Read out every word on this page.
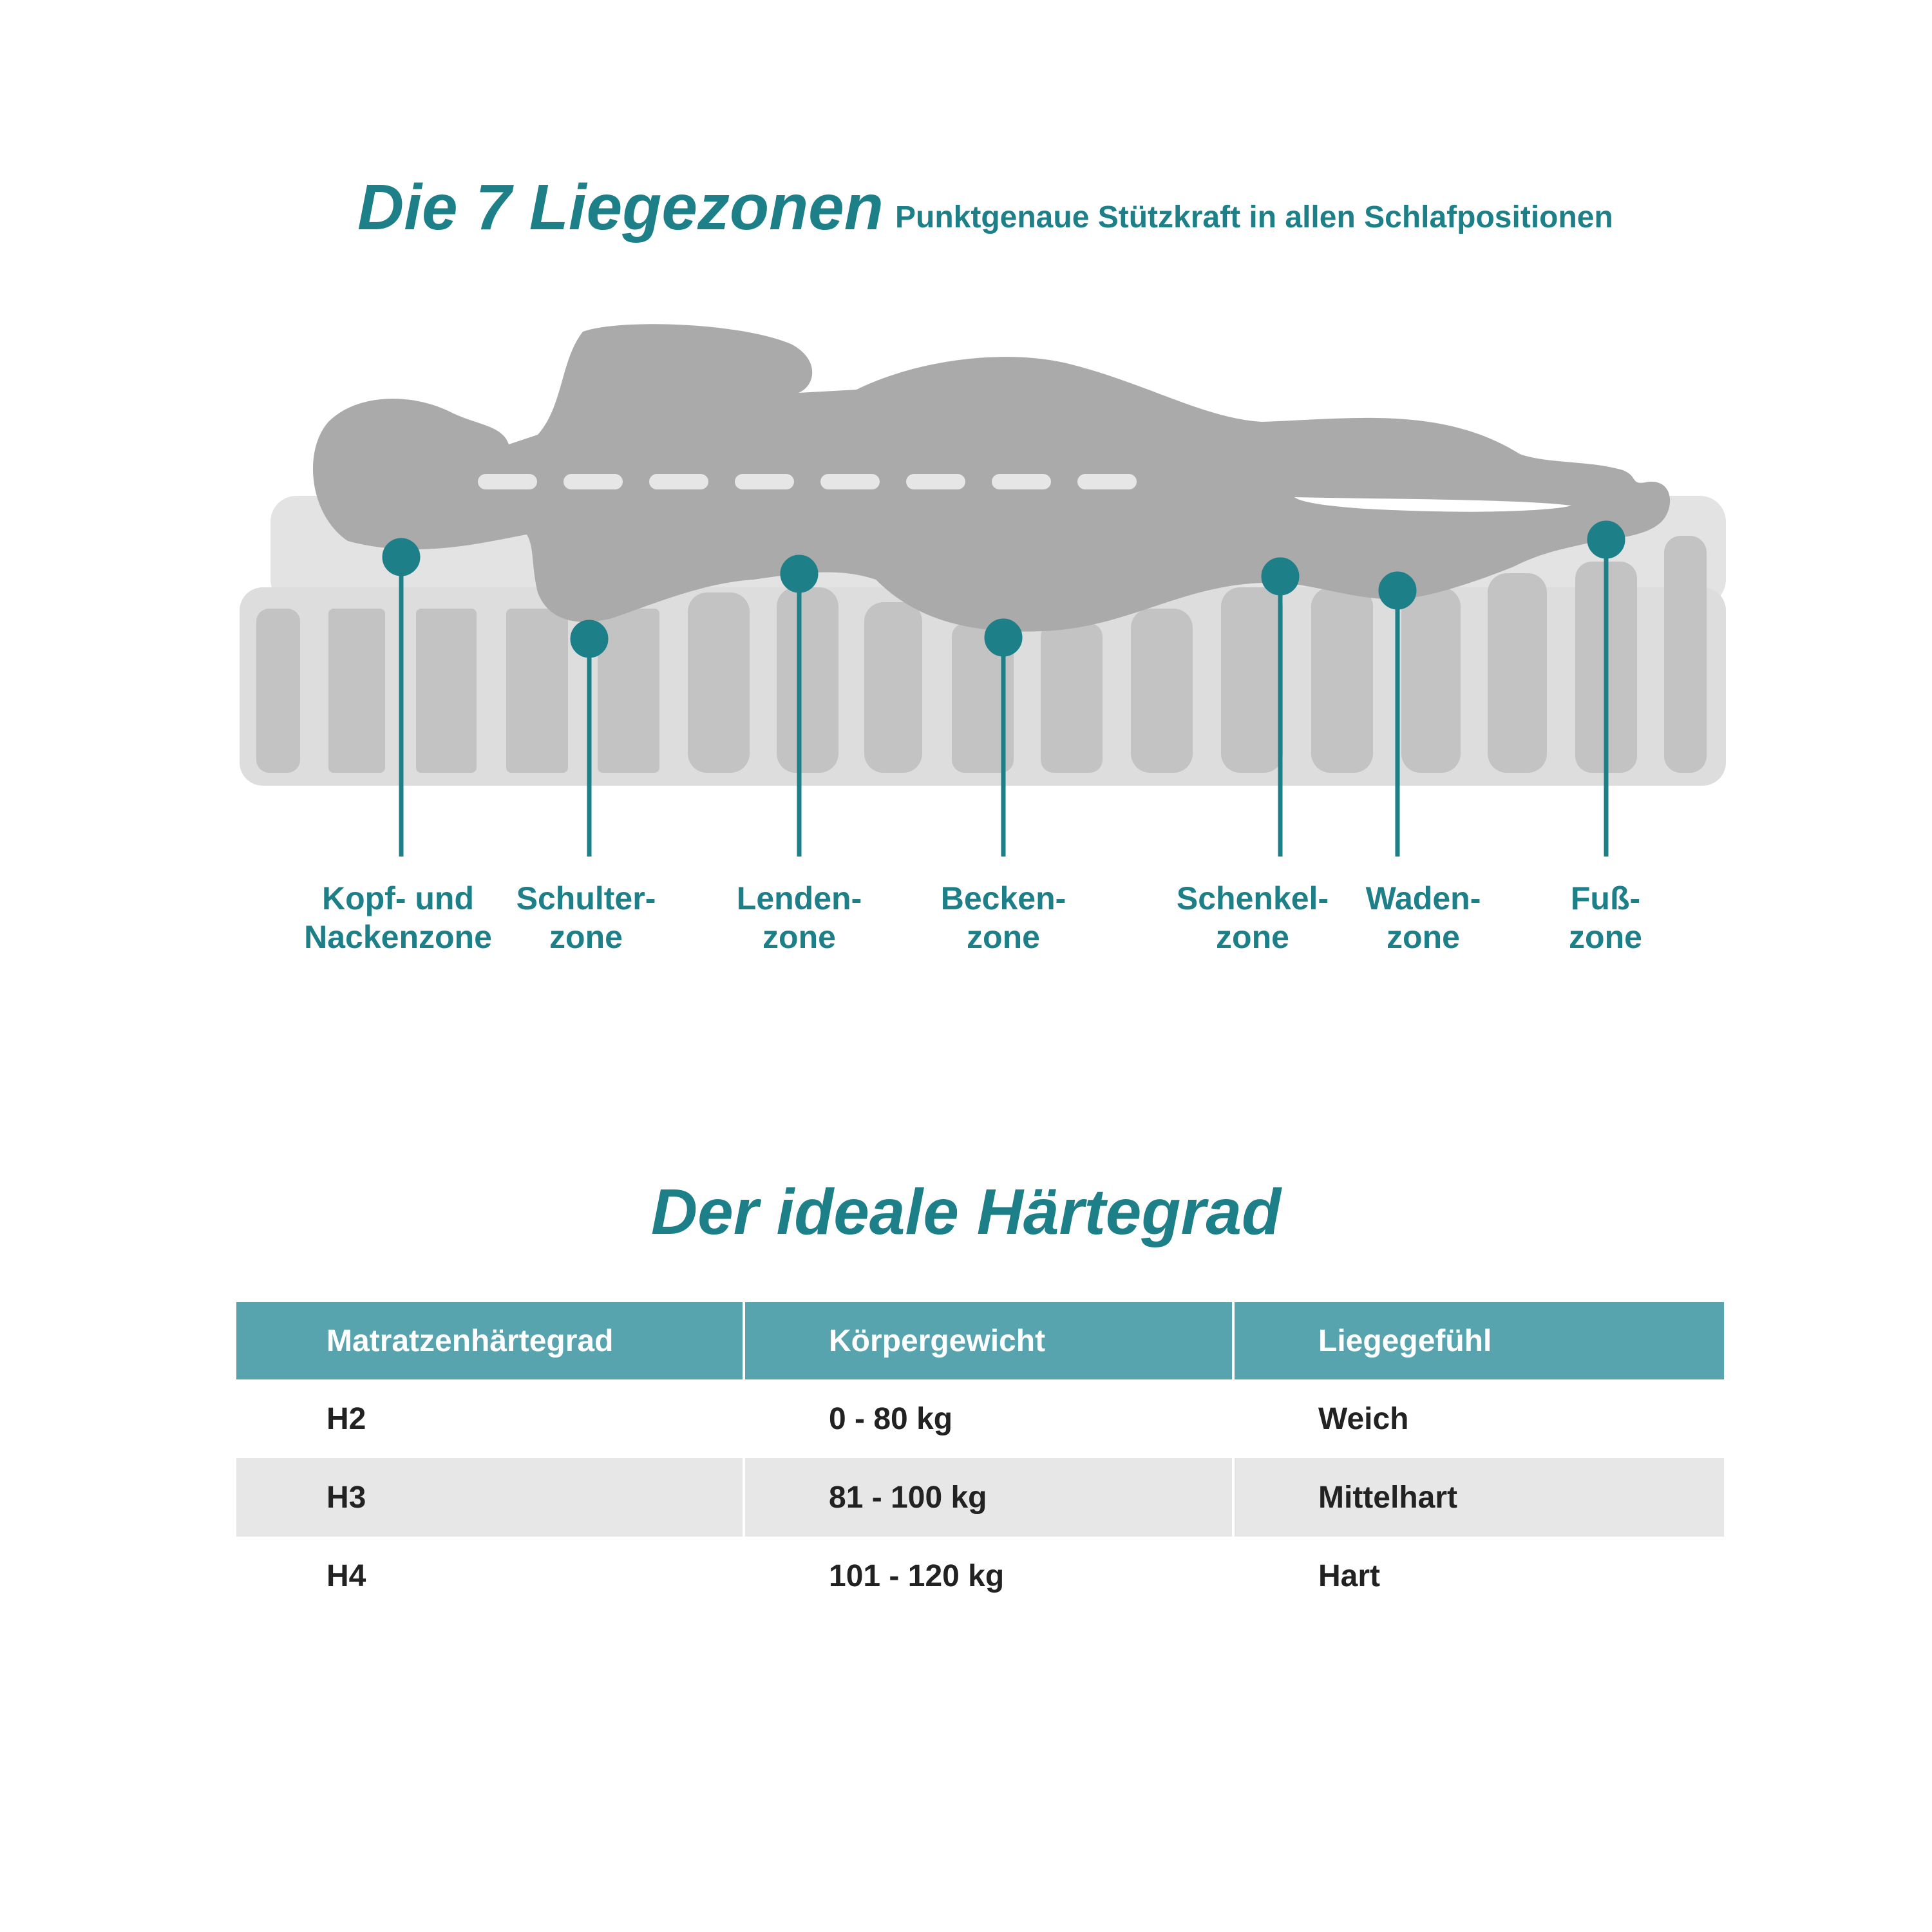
Die 7 Liegezonen Punktgenaue Stützkraft in allen Schlafpositionen
Kopf- und
Nackenzone
Schulter-
zone
Lenden-
zone
Becken-
zone
Schenkel-
zone
Waden-
zone
Fuß-
zone
Der ideale Härtegrad
Matratzenhärtegrad	Körpergewicht	Liegegefühl
H2	0 - 80 kg	Weich
H3	81 - 100 kg	Mittelhart
H4	101 - 120 kg	Hart
